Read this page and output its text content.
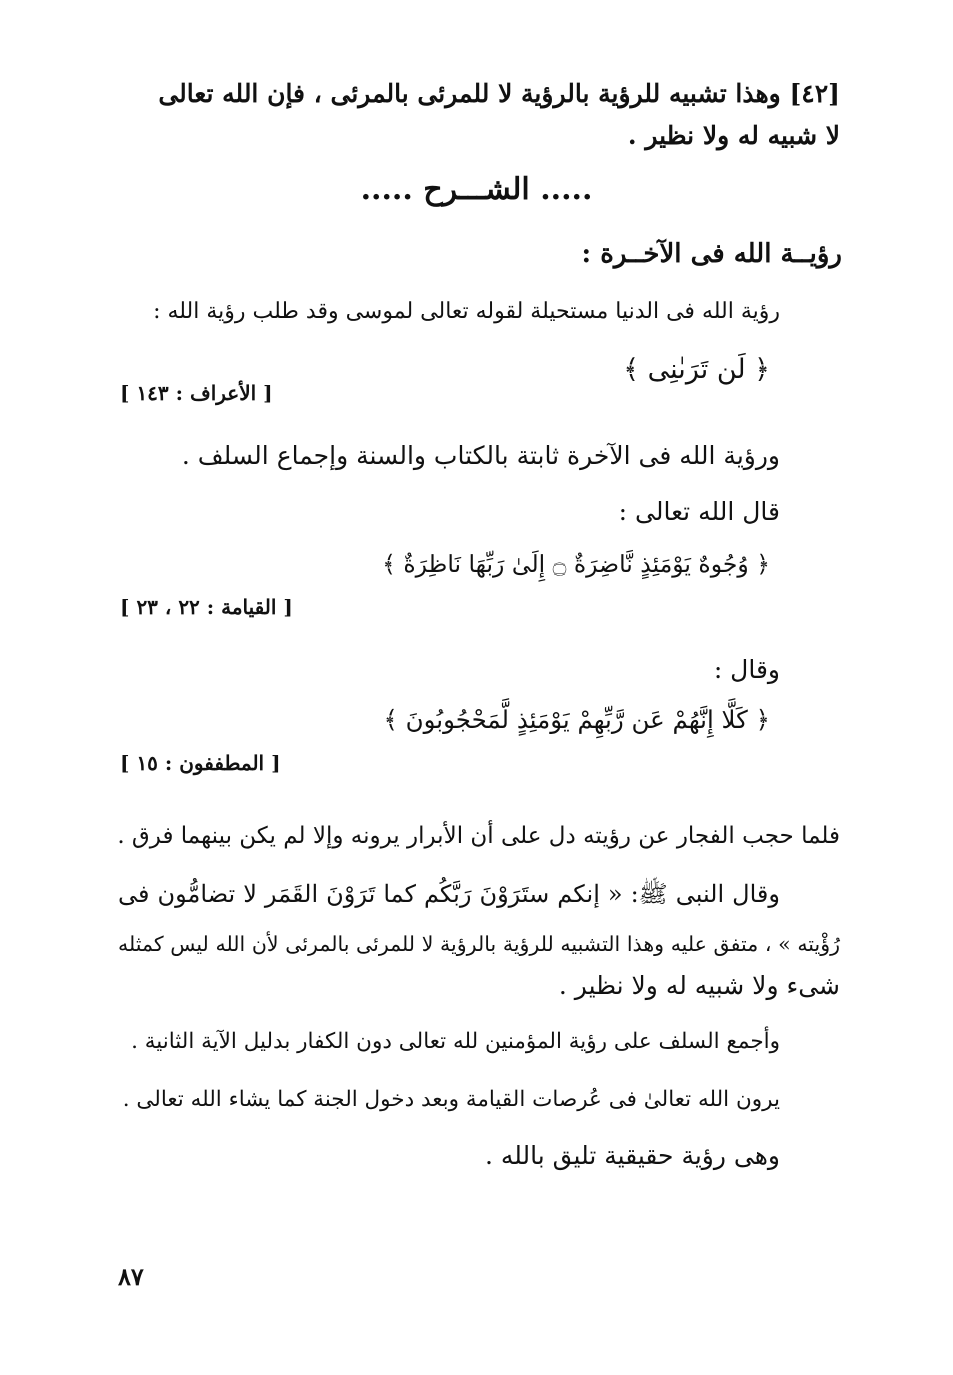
[٤٢] وهذا تشبيه للرؤية بالرؤية لا للمرئى بالمرئى ، فإن الله تعالى
لا شبيه له ولا نظير .
..... الشـــرح .....
رؤيــة الله فى الآخــرة :
رؤية الله فى الدنيا مستحيلة لقوله تعالى لموسى وقد طلب رؤية الله :
﴿ لَن تَرَىٰنِى ﴾
[ الأعراف : ١٤٣ ]
ورؤية الله فى الآخرة ثابتة بالكتاب والسنة وإجماع السلف .
قال الله تعالى :
﴿ وُجُوهٌ يَوْمَئِذٍ نَّاضِرَةٌ ۝ إِلَىٰ رَبِّهَا نَاظِرَةٌ ﴾
[ القيامة : ٢٢ ، ٢٣ ]
وقال :
﴿ كَلَّا إِنَّهُمْ عَن رَّبِّهِمْ يَوْمَئِذٍ لَّمَحْجُوبُونَ ﴾
[ المطففون : ١٥ ]
فلما حجب الفجار عن رؤيته دل على أن الأبرار يرونه وإلا لم يكن بينهما فرق .
وقال النبى ﷺ: « إنكم ستَرَوْنَ رَبَّكُم كما تَرَوْنَ القَمَر لا تضامُّون فى
رُؤْيته » ، متفق عليه وهذا التشبيه للرؤية بالرؤية لا للمرئى بالمرئى لأن الله ليس كمثله
شىء ولا شبيه له ولا نظير .
وأجمع السلف على رؤية المؤمنين لله تعالى دون الكفار بدليل الآية الثانية .
يرون الله تعالىٰ فى عُرصات القيامة وبعد دخول الجنة كما يشاء الله تعالى .
وهى رؤية حقيقية تليق بالله .
٨٧
